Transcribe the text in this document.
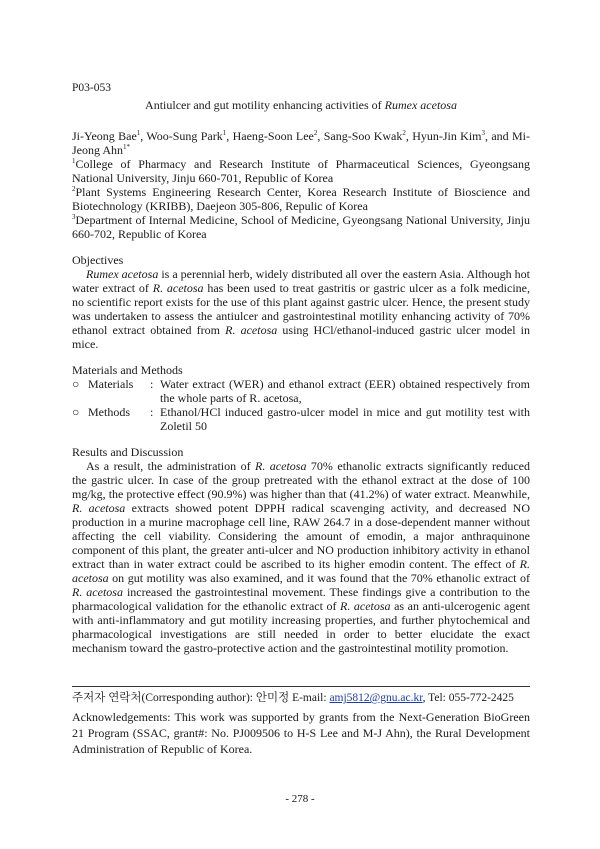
P03-053
Antiulcer and gut motility enhancing activities of Rumex acetosa

Ji-Yeong Bae$^1$, Woo-Sung Park$^1$, Haeng-Soon Lee$^2$, Sang-Soo Kwak$^2$, Hyun-Jin Kim$^3$, and Mi-Jeong Ahn$^{1*}$

$^1$College of Pharmacy and Research Institute of Pharmaceutical Sciences, Gyeongsang National University, Jinju 660-701, Republic of Korea

$^2$Plant Systems Engineering Research Center, Korea Research Institute of Bioscience and Biotechnology (KRIBB), Daejeon 305-806, Repulic of Korea

$^3$Department of Internal Medicine, School of Medicine, Gyeongsang National University, Jinju 660-702, Republic of Korea

Objectives

Rumex acetosa is a perennial herb, widely distributed all over the eastern Asia. Although hot water extract of R. acetosa has been used to treat gastritis or gastric ulcer as a folk medicine, no scientific report exists for the use of this plant against gastric ulcer. Hence, the present study was undertaken to assess the antiulcer and gastrointestinal motility enhancing activity of 70% ethanol extract obtained from R. acetosa using HCl/ethanol-induced gastric ulcer model in mice.

Materials and Methods
○ Materials	: Water extract (WER) and ethanol extract (EER) obtained respectively from the whole parts of R. acetosa,
○ Methods	: Ethanol/HCl induced gastro-ulcer model in mice and gut motility test with Zoletil 50
Results and Discussion

As a result, the administration of R. acetosa 70% ethanolic extracts significantly reduced the gastric ulcer. In case of the group pretreated with the ethanol extract at the dose of 100 mg/kg, the protective effect (90.9%) was higher than that (41.2%) of water extract. Meanwhile, R. acetosa extracts showed potent DPPH radical scavenging activity, and decreased NO production in a murine macrophage cell line, RAW 264.7 in a dose-dependent manner without affecting the cell viability. Considering the amount of emodin, a major anthraquinone component of this plant, the greater anti-ulcer and NO production inhibitory activity in ethanol extract than in water extract could be ascribed to its higher emodin content. The effect of R. acetosa on gut motility was also examined, and it was found that the 70% ethanolic extract of R. acetosa increased the gastrointestinal movement. These findings give a contribution to the pharmacological validation for the ethanolic extract of R. acetosa as an anti-ulcerogenic agent with anti-inflammatory and gut motility increasing properties, and further phytochemical and pharmacological investigations are still needed in order to better elucidate the exact mechanism toward the gastro-protective action and the gastrointestinal motility promotion.

주저자 연락처(Corresponding author): 안미정 E-mail: amj5812@gnu.ac.kr, Tel: 055-772-2425
Acknowledgements: This work was supported by grants from the Next-Generation BioGreen 21 Program (SSAC, grant#: No. PJ009506 to H-S Lee and M-J Ahn), the Rural Development Administration of Republic of Korea.
- 278 -
